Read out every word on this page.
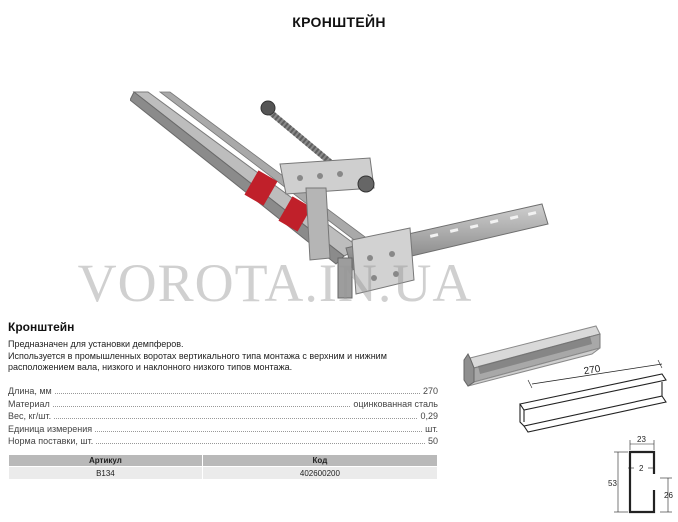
КРОНШТЕЙН
VOROTA.IN.UA
Кронштейн
Предназначен для установки демпферов.
Используется в промышленных воротах вертикального типа монтажа с верхним и нижним
расположением вала, низкого и наклонного низкого типов монтажа.
Длина, мм	270
Материал	оцинкованная сталь
Вес, кг/шт.	0,29
Единица измерения	шт.
Норма поставки, шт.	50
Артикул	Код
B134	402600200
270
23
53
2
26
